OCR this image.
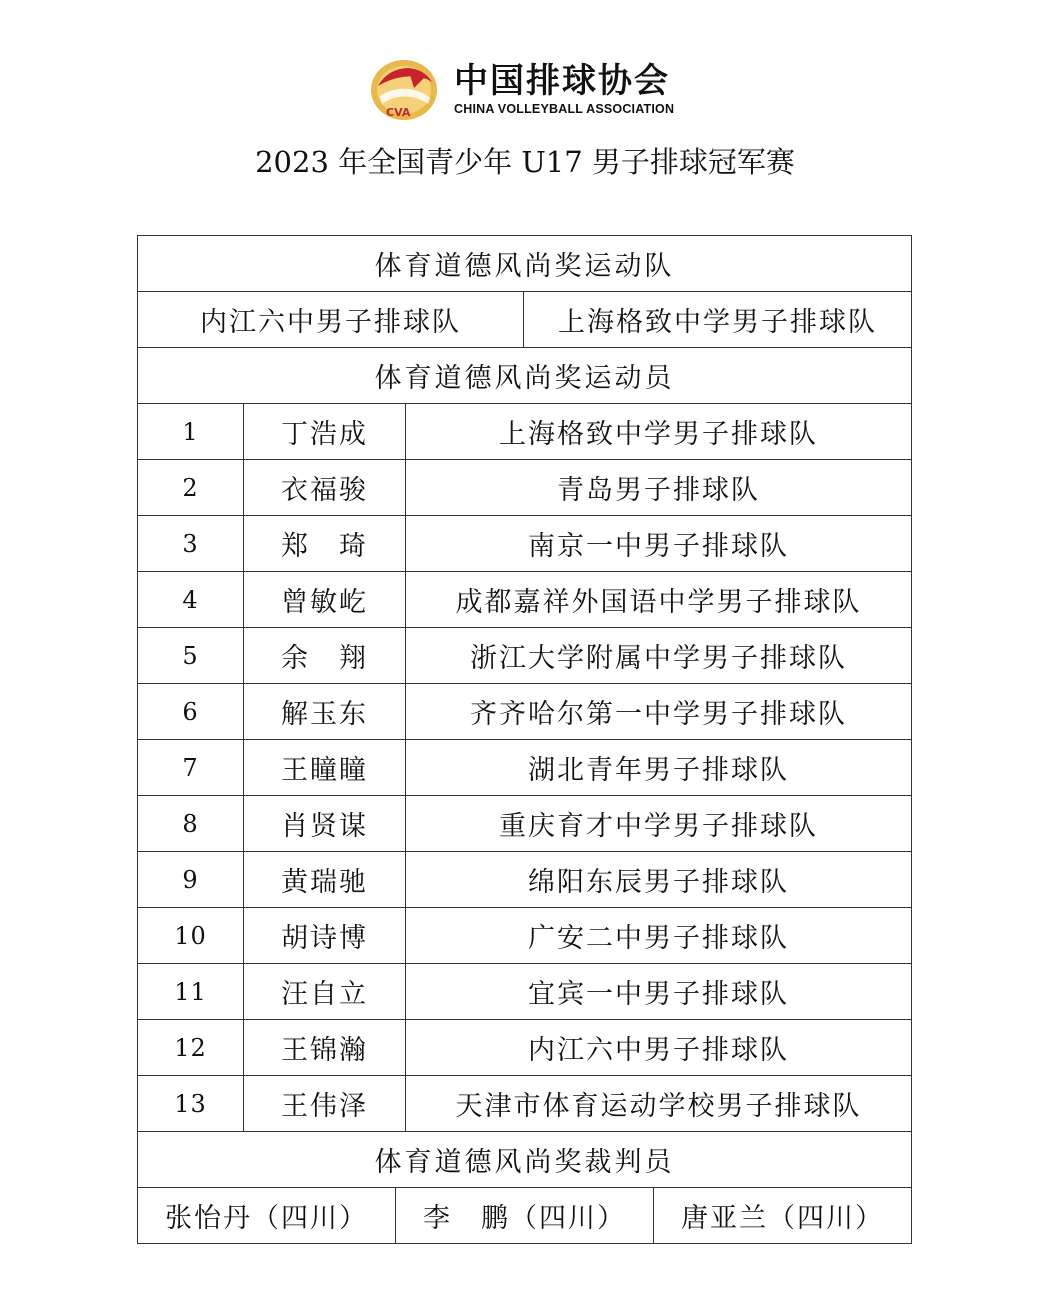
CVA
中国排球协会
CHINA VOLLEYBALL ASSOCIATION
2023 年全国青少年 U17 男子排球冠军赛
体育道德风尚奖运动队			
内江六中男子排球队			上海格致中学男子排球队
体育道德风尚奖运动员			
1	丁浩成	上海格致中学男子排球队	
2	衣福骏	青岛男子排球队	
3	郑　琦	南京一中男子排球队	
4	曾敏屹	成都嘉祥外国语中学男子排球队	
5	余　翔	浙江大学附属中学男子排球队	
6	解玉东	齐齐哈尔第一中学男子排球队	
7	王瞳瞳	湖北青年男子排球队	
8	肖贤谋	重庆育才中学男子排球队	
9	黄瑞驰	绵阳东辰男子排球队	
10	胡诗博	广安二中男子排球队	
11	汪自立	宜宾一中男子排球队	
12	王锦瀚	内江六中男子排球队	
13	王伟泽	天津市体育运动学校男子排球队	
体育道德风尚奖裁判员			

张怡丹（四川） 李　鹏（四川） 唐亚兰（四川）			
